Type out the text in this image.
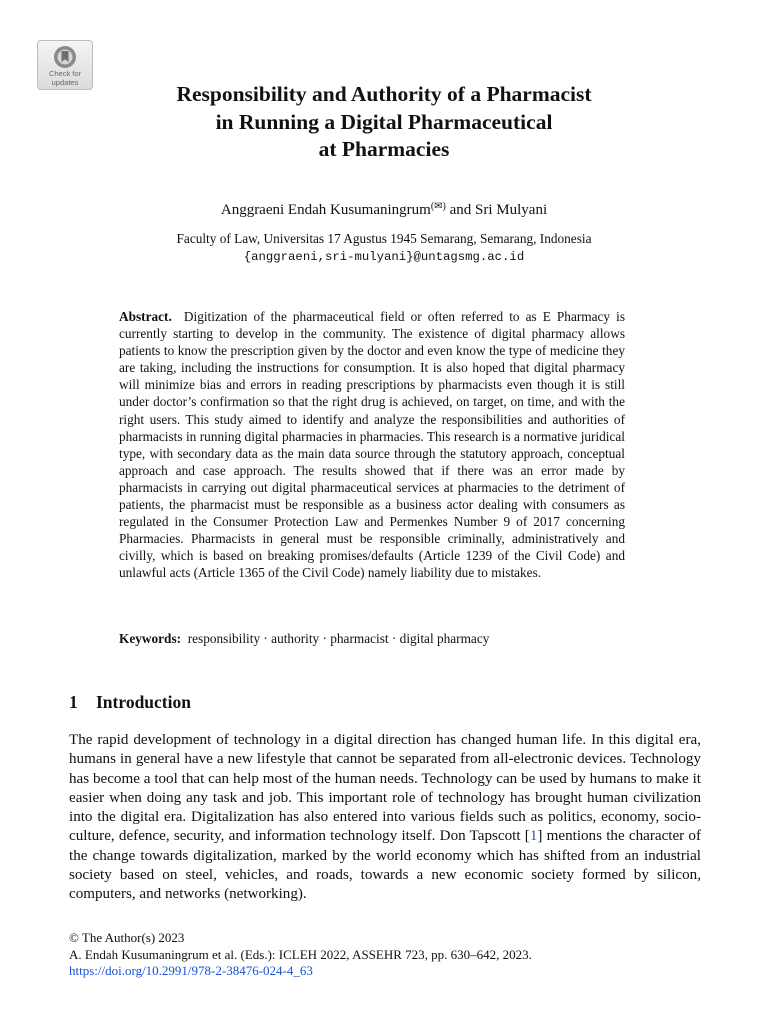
Check for
updates	Responsibility and Authority of a Pharmacist
in Running a Digital Pharmaceutical
at Pharmacies
Anggraeni Endah Kusumaningrum(✉) and Sri Mulyani
Faculty of Law, Universitas 17 Agustus 1945 Semarang, Semarang, Indonesia
{anggraeni,sri-mulyani}@untagsmg.ac.id

Abstract. Digitization of the pharmaceutical field or often referred to as E Pharmacy is currently starting to develop in the community. The existence of digital pharmacy allows patients to know the prescription given by the doctor and even know the type of medicine they are taking, including the instructions for consumption. It is also hoped that digital pharmacy will minimize bias and errors in reading prescriptions by pharmacists even though it is still under doctor’s confirmation so that the right drug is achieved, on target, on time, and with the right users. This study aimed to identify and analyze the responsibilities and authorities of pharmacists in running digital pharmacies in pharmacies. This research is a normative juridical type, with secondary data as the main data source through the statutory approach, conceptual approach and case approach. The results showed that if there was an error made by pharmacists in carrying out digital pharmaceutical services at pharmacies to the detriment of patients, the pharmacist must be responsible as a business actor dealing with consumers as regulated in the Consumer Protection Law and Permenkes Number 9 of 2017 concerning Pharmacies. Pharmacists in general must be responsible criminally, administratively and civilly, which is based on breaking promises/defaults (Article 1239 of the Civil Code) and unlawful acts (Article 1365 of the Civil Code) namely liability due to mistakes.

Keywords: responsibility · authority · pharmacist · digital pharmacy
1 Introduction

The rapid development of technology in a digital direction has changed human life. In this digital era, humans in general have a new lifestyle that cannot be separated from all-electronic devices. Technology has become a tool that can help most of the human needs. Technology can be used by humans to make it easier when doing any task and job. This important role of technology has brought human civilization into the digital era. Digitalization has also entered into various fields such as politics, economy, socio-culture, defence, security, and information technology itself. Don Tapscott [1] mentions the character of the change towards digitalization, marked by the world economy which has shifted from an industrial society based on steel, vehicles, and roads, towards a new economic society formed by silicon, computers, and networks (networking).

© The Author(s) 2023
A. Endah Kusumaningrum et al. (Eds.): ICLEH 2022, ASSEHR 723, pp. 630–642, 2023.
https://doi.org/10.2991/978-2-38476-024-4_63
